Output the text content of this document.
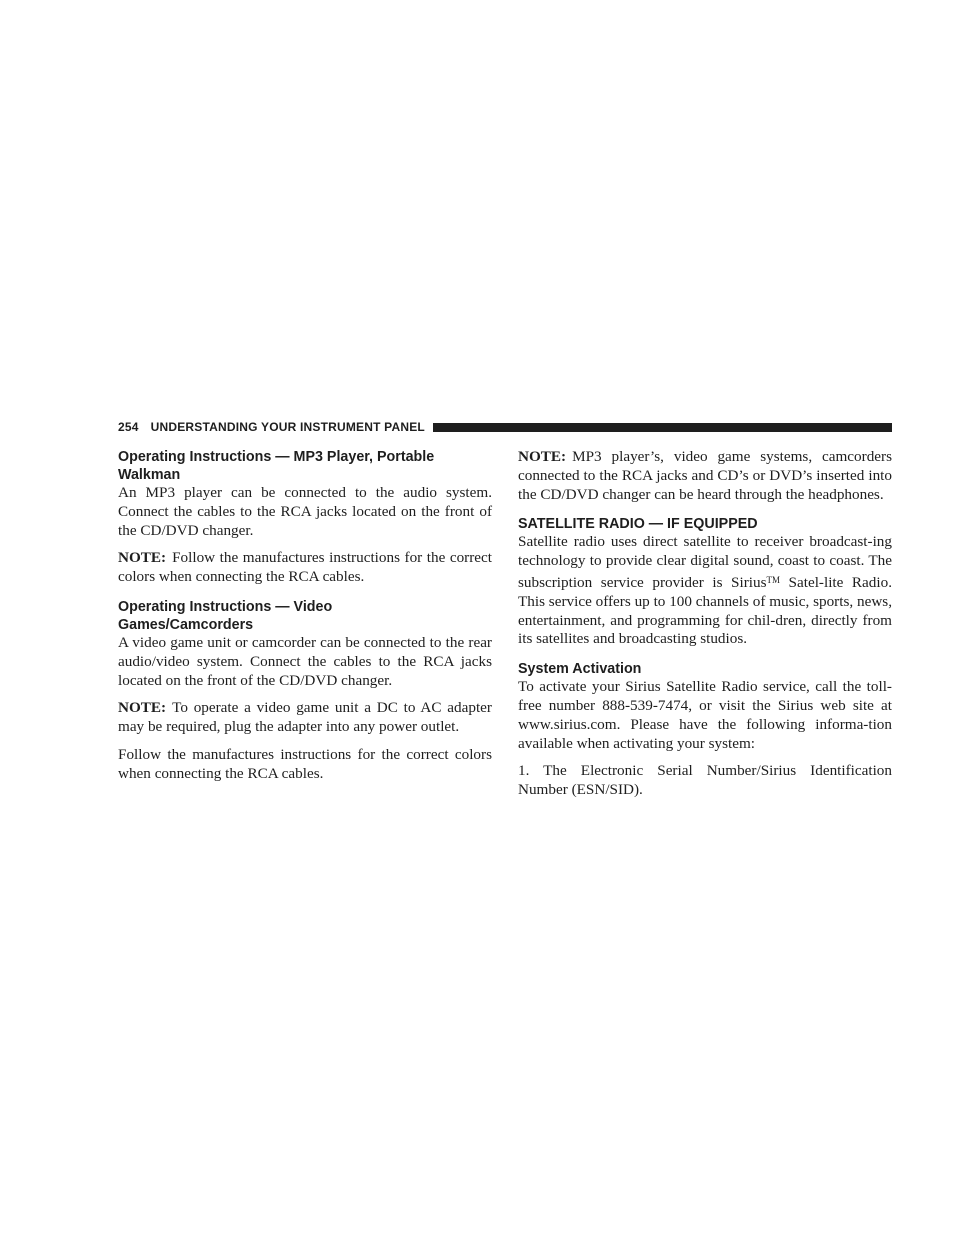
254 UNDERSTANDING YOUR INSTRUMENT PANEL
Operating Instructions — MP3 Player, Portable
Walkman

An MP3 player can be connected to the audio system. Connect the cables to the RCA jacks located on the front of the CD/DVD changer.

NOTE: Follow the manufactures instructions for the correct colors when connecting the RCA cables.

Operating Instructions — Video
Games/Camcorders

A video game unit or camcorder can be connected to the rear audio/video system. Connect the cables to the RCA jacks located on the front of the CD/DVD changer.

NOTE: To operate a video game unit a DC to AC adapter may be required, plug the adapter into any power outlet.

Follow the manufactures instructions for the correct colors when connecting the RCA cables.

NOTE: MP3 player’s, video game systems, camcorders connected to the RCA jacks and CD’s or DVD’s inserted into the CD/DVD changer can be heard through the headphones.

SATELLITE RADIO — IF EQUIPPED

Satellite radio uses direct satellite to receiver broadcast-ing technology to provide clear digital sound, coast to coast. The subscription service provider is Sirius™ Satel-lite Radio. This service offers up to 100 channels of music, sports, news, entertainment, and programming for chil-dren, directly from its satellites and broadcasting studios.

System Activation

To activate your Sirius Satellite Radio service, call the toll-free number 888-539-7474, or visit the Sirius web site at www.sirius.com. Please have the following informa-tion available when activating your system:

1. The Electronic Serial Number/Sirius Identification Number (ESN/SID).
